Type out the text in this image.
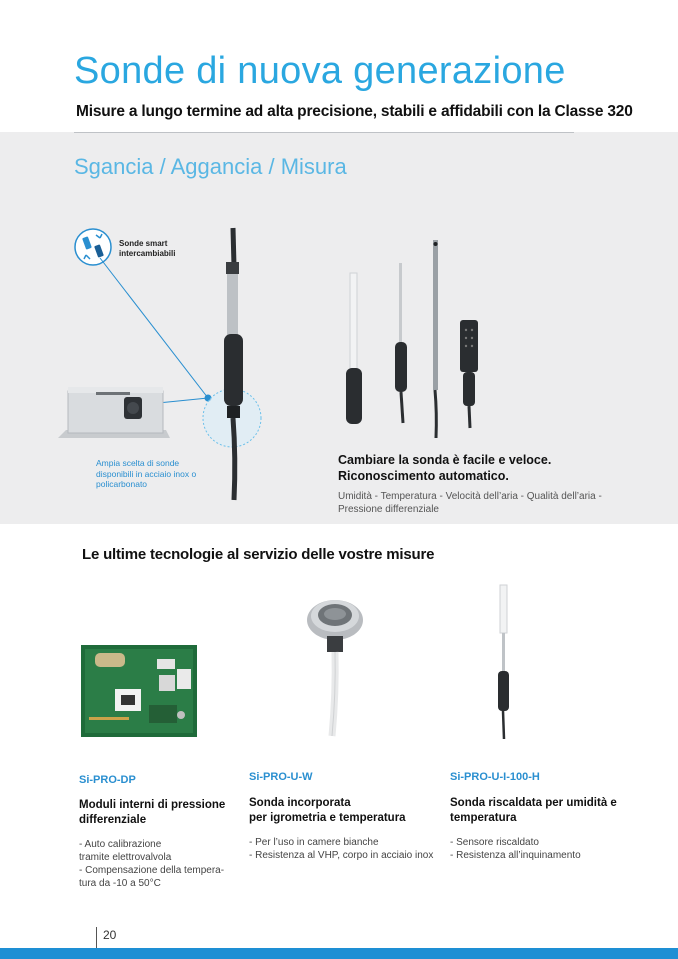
Sonde di nuova generazione
Misure a lungo termine ad alta precisione, stabili e affidabili con la Classe 320
Sgancia / Aggancia / Misura
Sonde smart intercambiabili
Ampia scelta di sonde disponibili in acciaio inox o policarbonato
Cambiare la sonda è facile e veloce.
Riconoscimento automatico.
Umidità - Temperatura - Velocità dell’aria - Qualità dell’aria -
Pressione differenziale
Le ultime tecnologie al servizio delle vostre misure
Si-PRO-DP
Moduli interni di pressione
differenziale
- Auto calibrazione
tramite elettrovalvola
- Compensazione della tempera-
tura da -10 a 50°C
Si-PRO-U-W
Sonda incorporata
per igrometria e temperatura
- Per l’uso in camere bianche
- Resistenza al VHP, corpo in acciaio inox
Si-PRO-U-I-100-H
Sonda riscaldata per umidità e
temperatura
- Sensore riscaldato
- Resistenza all’inquinamento
20
